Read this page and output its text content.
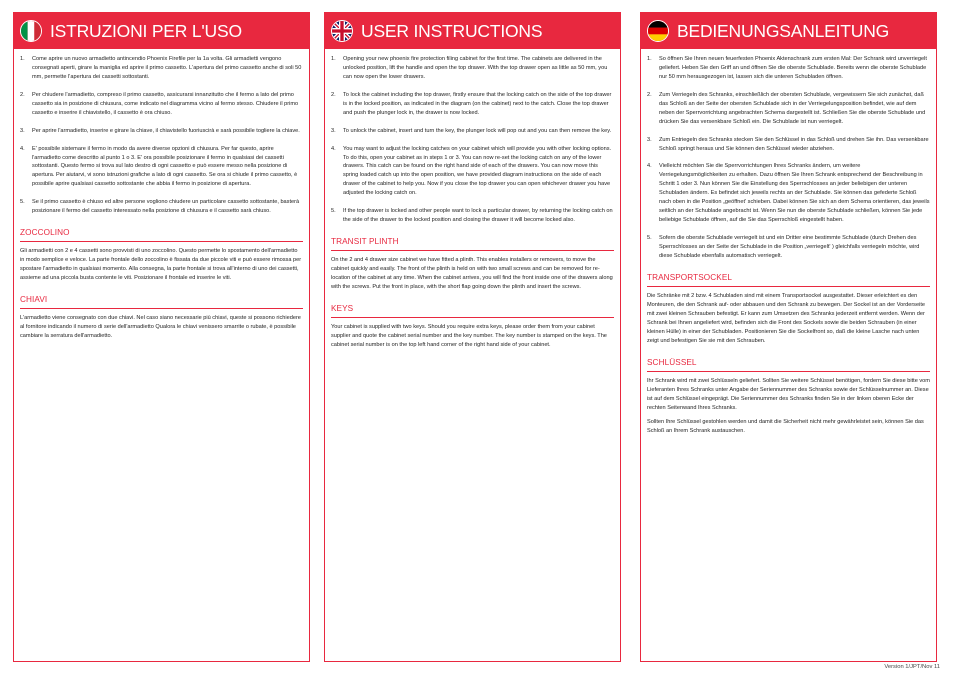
ISTRUZIONI PER L'USO
1.	Come aprire un nuovo armadietto antincendio Phoenix Firefile per la 1a volta. Gli armadietti vengono consegnati aperti, girare la maniglia ed aprire il primo cassetto. L'apertura del primo cassetto anche di soli 50 mm, permette l'apertura dei cassetti sottostanti.
2.	Per chiudere l'armadietto, compreso il primo cassetto, assicurarsi innanzitutto che il fermo a lato del primo cassetto sia in posizione di chiusura, come indicato nel diagramma vicino al fermo stesso. Chiudere il primo cassetto e inserire il chiavistello, il cassetto è ora chiuso.
3.	Per aprire l'armadietto, inserire e girare la chiave, il chiavistello fuoriuscirà e sarà possibile togliere la chiave.
4.	E' possibile sistemare il fermo in modo da avere diverse opzioni di chiusura. Per far questo, aprire l'armadietto come descritto al punto 1 o 3. E' ora possibile posizionare il fermo in qualsiasi dei cassetti sottostanti. Questo fermo si trova sul lato destro di ogni cassetto e può essere messo nella posizione di apertura. Per aiutarvi, vi sono istruzioni grafiche a lato di ogni cassetto. Se ora si chiude il primo cassetto, è possibile aprire qualsiasi cassetto sottostante che abbia il fermo in posizione di apertura.
5.	Se il primo cassetto è chiuso ed altre persone vogliono chiudere un particolare cassetto sottostante, basterà posizionare il fermo del cassetto interessato nella posizione di chiusura e il cassetto sarà chiuso.
ZOCCOLINO

Gli armadietti con 2 e 4 cassetti sono provvisti di uno zoccolino. Questo permette lo spostamento dell'armadietto in modo semplice e veloce. La parte frontale dello zoccolino è fissata da due piccole viti e può essere rimossa per spostare l'armadietto in qualsiasi momento. Alla consegna, la parte frontale si trova all'interno di uno dei cassetti, assieme ad una piccola busta contente le viti. Posizionare il frontale ed inserire le viti.

CHIAVI

L'armadietto viene consegnato con due chiavi. Nel caso siano necessarie più chiavi, queste si possono richiedere al fornitore indicando il numero di serie dell'armadietto Qualora le chiavi venissero smarrite o rubate, è possibile cambiare la serratura dell'armadietto.

USER INSTRUCTIONS
1.	Opening your new phoenix fire protection filing cabinet for the first time. The cabinets are delivered in the unlocked position, lift the handle and open the top drawer. With the top drawer open as little as 50 mm, you can now open the lower drawers.
2.	To lock the cabinet including the top drawer, firstly ensure that the locking catch on the side of the top drawer is in the locked position, as indicated in the diagram (on the cabinet) next to the catch. Close the top drawer and push the plunger lock in, the drawer is now locked.
3.	To unlock the cabinet, insert and turn the key, the plunger lock will pop out and you can then remove the key.
4.	You may want to adjust the locking catches on your cabinet which will provide you with other locking options. To do this, open your cabinet as in steps 1 or 3. You can now re-set the locking catch on any of the lower drawers. This catch can be found on the right hand side of each of the drawers. You can now move this spring loaded catch up into the open position, we have provided diagram instructions on the side of each drawer of the cabinet to help you. Now if you close the top drawer you can open whichever drawer you have adjusted the locking catch on.
5.	If the top drawer is locked and other people want to lock a particular drawer, by returning the locking catch on the side of the drawer to the locked position and closing the drawer it will become locked also.
TRANSIT PLINTH

On the 2 and 4 drawer size cabinet we have fitted a plinth. This enables installers or removers, to move the cabinet quickly and easily. The front of the plinth is held on with two small screws and can be removed for re-location of the cabinet at any time. When the cabinet arrives, you will find the front inside one of the drawers along with the screws. Put the front in place, with the short flap going down the plinth and insert the screws.

KEYS

Your cabinet is supplied with two keys. Should you require extra keys, please order them from your cabinet supplier and quote the cabinet serial number and the key number. The key number is stamped on the keys. The cabinet serial number is on the top left hand corner of the right hand side of your cabinet.

BEDIENUNGSANLEITUNG
1.	So öffnen Sie Ihren neuen feuerfesten Phoenix Aktenschrank zum ersten Mal: Der Schrank wird unverriegelt geliefert. Heben Sie den Griff an und öffnen Sie die oberste Schublade. Bereits wenn die oberste Schublade nur 50 mm herausgezogen ist, lassen sich die unteren Schubladen öffnen.
2.	Zum Verriegeln des Schranks, einschließlich der obersten Schublade, vergewissern Sie sich zunächst, daß das Schloß an der Seite der obersten Schublade sich in der Verriegelungsposition befindet, wie auf dem neben der Sperrvorrichtung angebrachten Schema dargestellt ist. Schließen Sie die oberste Schublade und drücken Sie das versenkbare Schloß ein. Die Schublade ist nun verriegelt.
3.	Zum Entriegeln des Schranks stecken Sie den Schlüssel in das Schloß und drehen Sie ihn. Das versenkbare Schloß springt heraus und Sie können den Schlüssel wieder abziehen.
4.	Vielleicht möchten Sie die Sperrvorrichtungen Ihres Schranks ändern, um weitere Verriegelungsmöglichkeiten zu erhalten. Dazu öffnen Sie Ihren Schrank entsprechend der Beschreibung in Schritt 1 oder 3. Nun können Sie die Einstellung des Sperrschlosses an jeder beliebigen der unteren Schubladen ändern. Es befindet sich jeweils rechts an der Schublade. Sie können das gefederte Schloß nach oben in die Position „geöffnet' schieben. Dabei können Sie sich an dem Schema orientieren, das jeweils seitlich an der Schublade angebracht ist. Wenn Sie nun die oberste Schublade schließen, können Sie jede beliebige Schublade öffnen, auf die Sie das Sperrschloß eingestellt haben.
5.	Sofern die oberste Schublade verriegelt ist und ein Dritter eine bestimmte Schublade (durch Drehen des Sperrschlosses an der Seite der Schublade in die Position „verriegelt' ) gleichfalls verriegeln möchte, wird diese Schublade ebenfalls automatisch verriegelt.
TRANSPORTSOCKEL

Die Schränke mit 2 bzw. 4 Schubladen sind mit einem Transportsockel ausgestattet. Dieser erleichtert es den Monteuren, die den Schrank auf- oder abbauen und den Schrank zu bewegen. Der Sockel ist an der Vorderseite mit zwei kleinen Schrauben befestigt. Er kann zum Umsetzen des Schranks jederzeit entfernt werden. Wenn der Schrank bei Ihnen angeliefert wird, befinden sich die Front des Sockels sowie die beiden Schrauben (in einer kleinen Hülle) in einer der Schubladen. Positionieren Sie die Sockelfront so, daß die kleine Lasche nach unten zeigt und befestigen Sie sie mit den Schrauben.

SCHLÜSSEL

Ihr Schrank wird mit zwei Schlüsseln geliefert. Sollten Sie weitere Schlüssel benötigen, fordern Sie diese bitte vom Lieferanten Ihres Schranks unter Angabe der Seriennummer des Schranks sowie der Schlüsselnummer an. Diese ist auf dem Schlüssel eingeprägt. Die Seriennummer des Schranks finden Sie in der linken oberen Ecke der rechten Seitenwand Ihres Schranks.

Sollten Ihre Schlüssel gestohlen werden und damit die Sicherheit nicht mehr gewährleistet sein, können Sie das Schloß an Ihrem Schrank austauschen.

Version 1/JPT/Nov 11
